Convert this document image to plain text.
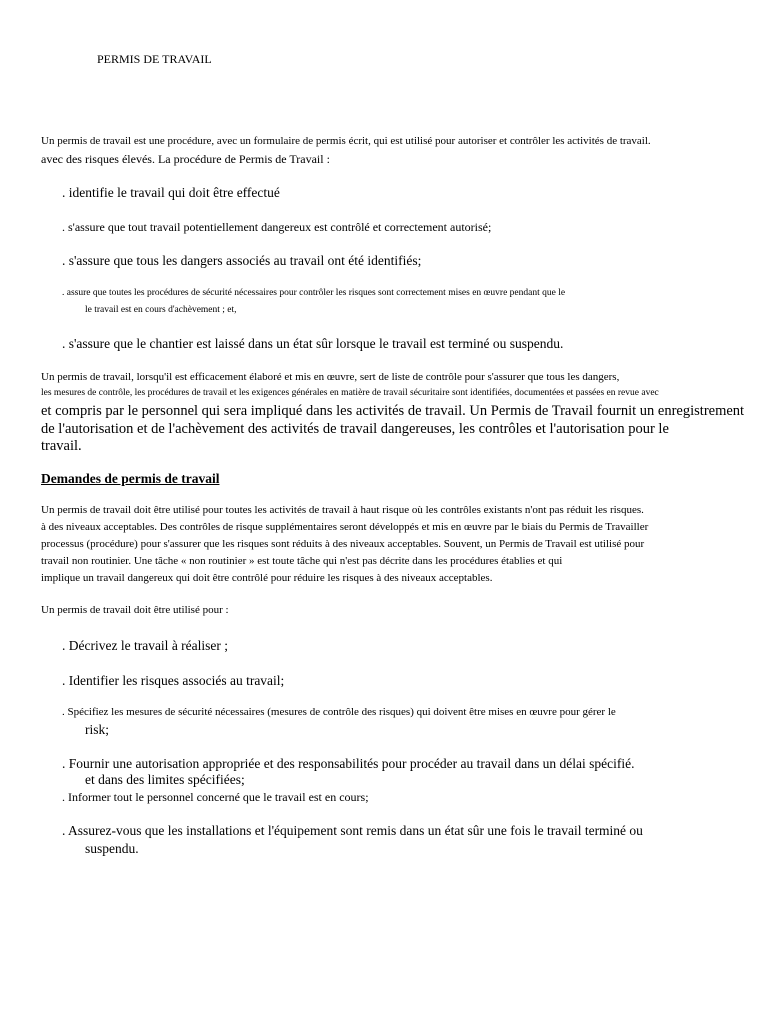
PERMIS DE TRAVAIL
Un permis de travail est une procédure, avec un formulaire de permis écrit, qui est utilisé pour autoriser et contrôler les activités de travail.
avec des risques élevés. La procédure de Permis de Travail :
. identifie le travail qui doit être effectué
. s'assure que tout travail potentiellement dangereux est contrôlé et correctement autorisé;
. s'assure que tous les dangers associés au travail ont été identifiés;
. assure que toutes les procédures de sécurité nécessaires pour contrôler les risques sont correctement mises en œuvre pendant que le
le travail est en cours d'achèvement ; et,
. s'assure que le chantier est laissé dans un état sûr lorsque le travail est terminé ou suspendu.
Un permis de travail, lorsqu'il est efficacement élaboré et mis en œuvre, sert de liste de contrôle pour s'assurer que tous les dangers,
les mesures de contrôle, les procédures de travail et les exigences générales en matière de travail sécuritaire sont identifiées, documentées et passées en revue avec
et compris par le personnel qui sera impliqué dans les activités de travail. Un Permis de Travail fournit un enregistrement
de l'autorisation et de l'achèvement des activités de travail dangereuses, les contrôles et l'autorisation pour le
travail.
Demandes de permis de travail
Un permis de travail doit être utilisé pour toutes les activités de travail à haut risque où les contrôles existants n'ont pas réduit les risques.
à des niveaux acceptables. Des contrôles de risque supplémentaires seront développés et mis en œuvre par le biais du Permis de Travailler
processus (procédure) pour s'assurer que les risques sont réduits à des niveaux acceptables. Souvent, un Permis de Travail est utilisé pour
travail non routinier. Une tâche « non routinier » est toute tâche qui n'est pas décrite dans les procédures établies et qui
implique un travail dangereux qui doit être contrôlé pour réduire les risques à des niveaux acceptables.
Un permis de travail doit être utilisé pour :
. Décrivez le travail à réaliser ;
. Identifier les risques associés au travail;
. Spécifiez les mesures de sécurité nécessaires (mesures de contrôle des risques) qui doivent être mises en œuvre pour gérer le
risk;
. Fournir une autorisation appropriée et des responsabilités pour procéder au travail dans un délai spécifié.
et dans des limites spécifiées;
. Informer tout le personnel concerné que le travail est en cours;
. Assurez-vous que les installations et l'équipement sont remis dans un état sûr une fois le travail terminé ou
suspendu.
